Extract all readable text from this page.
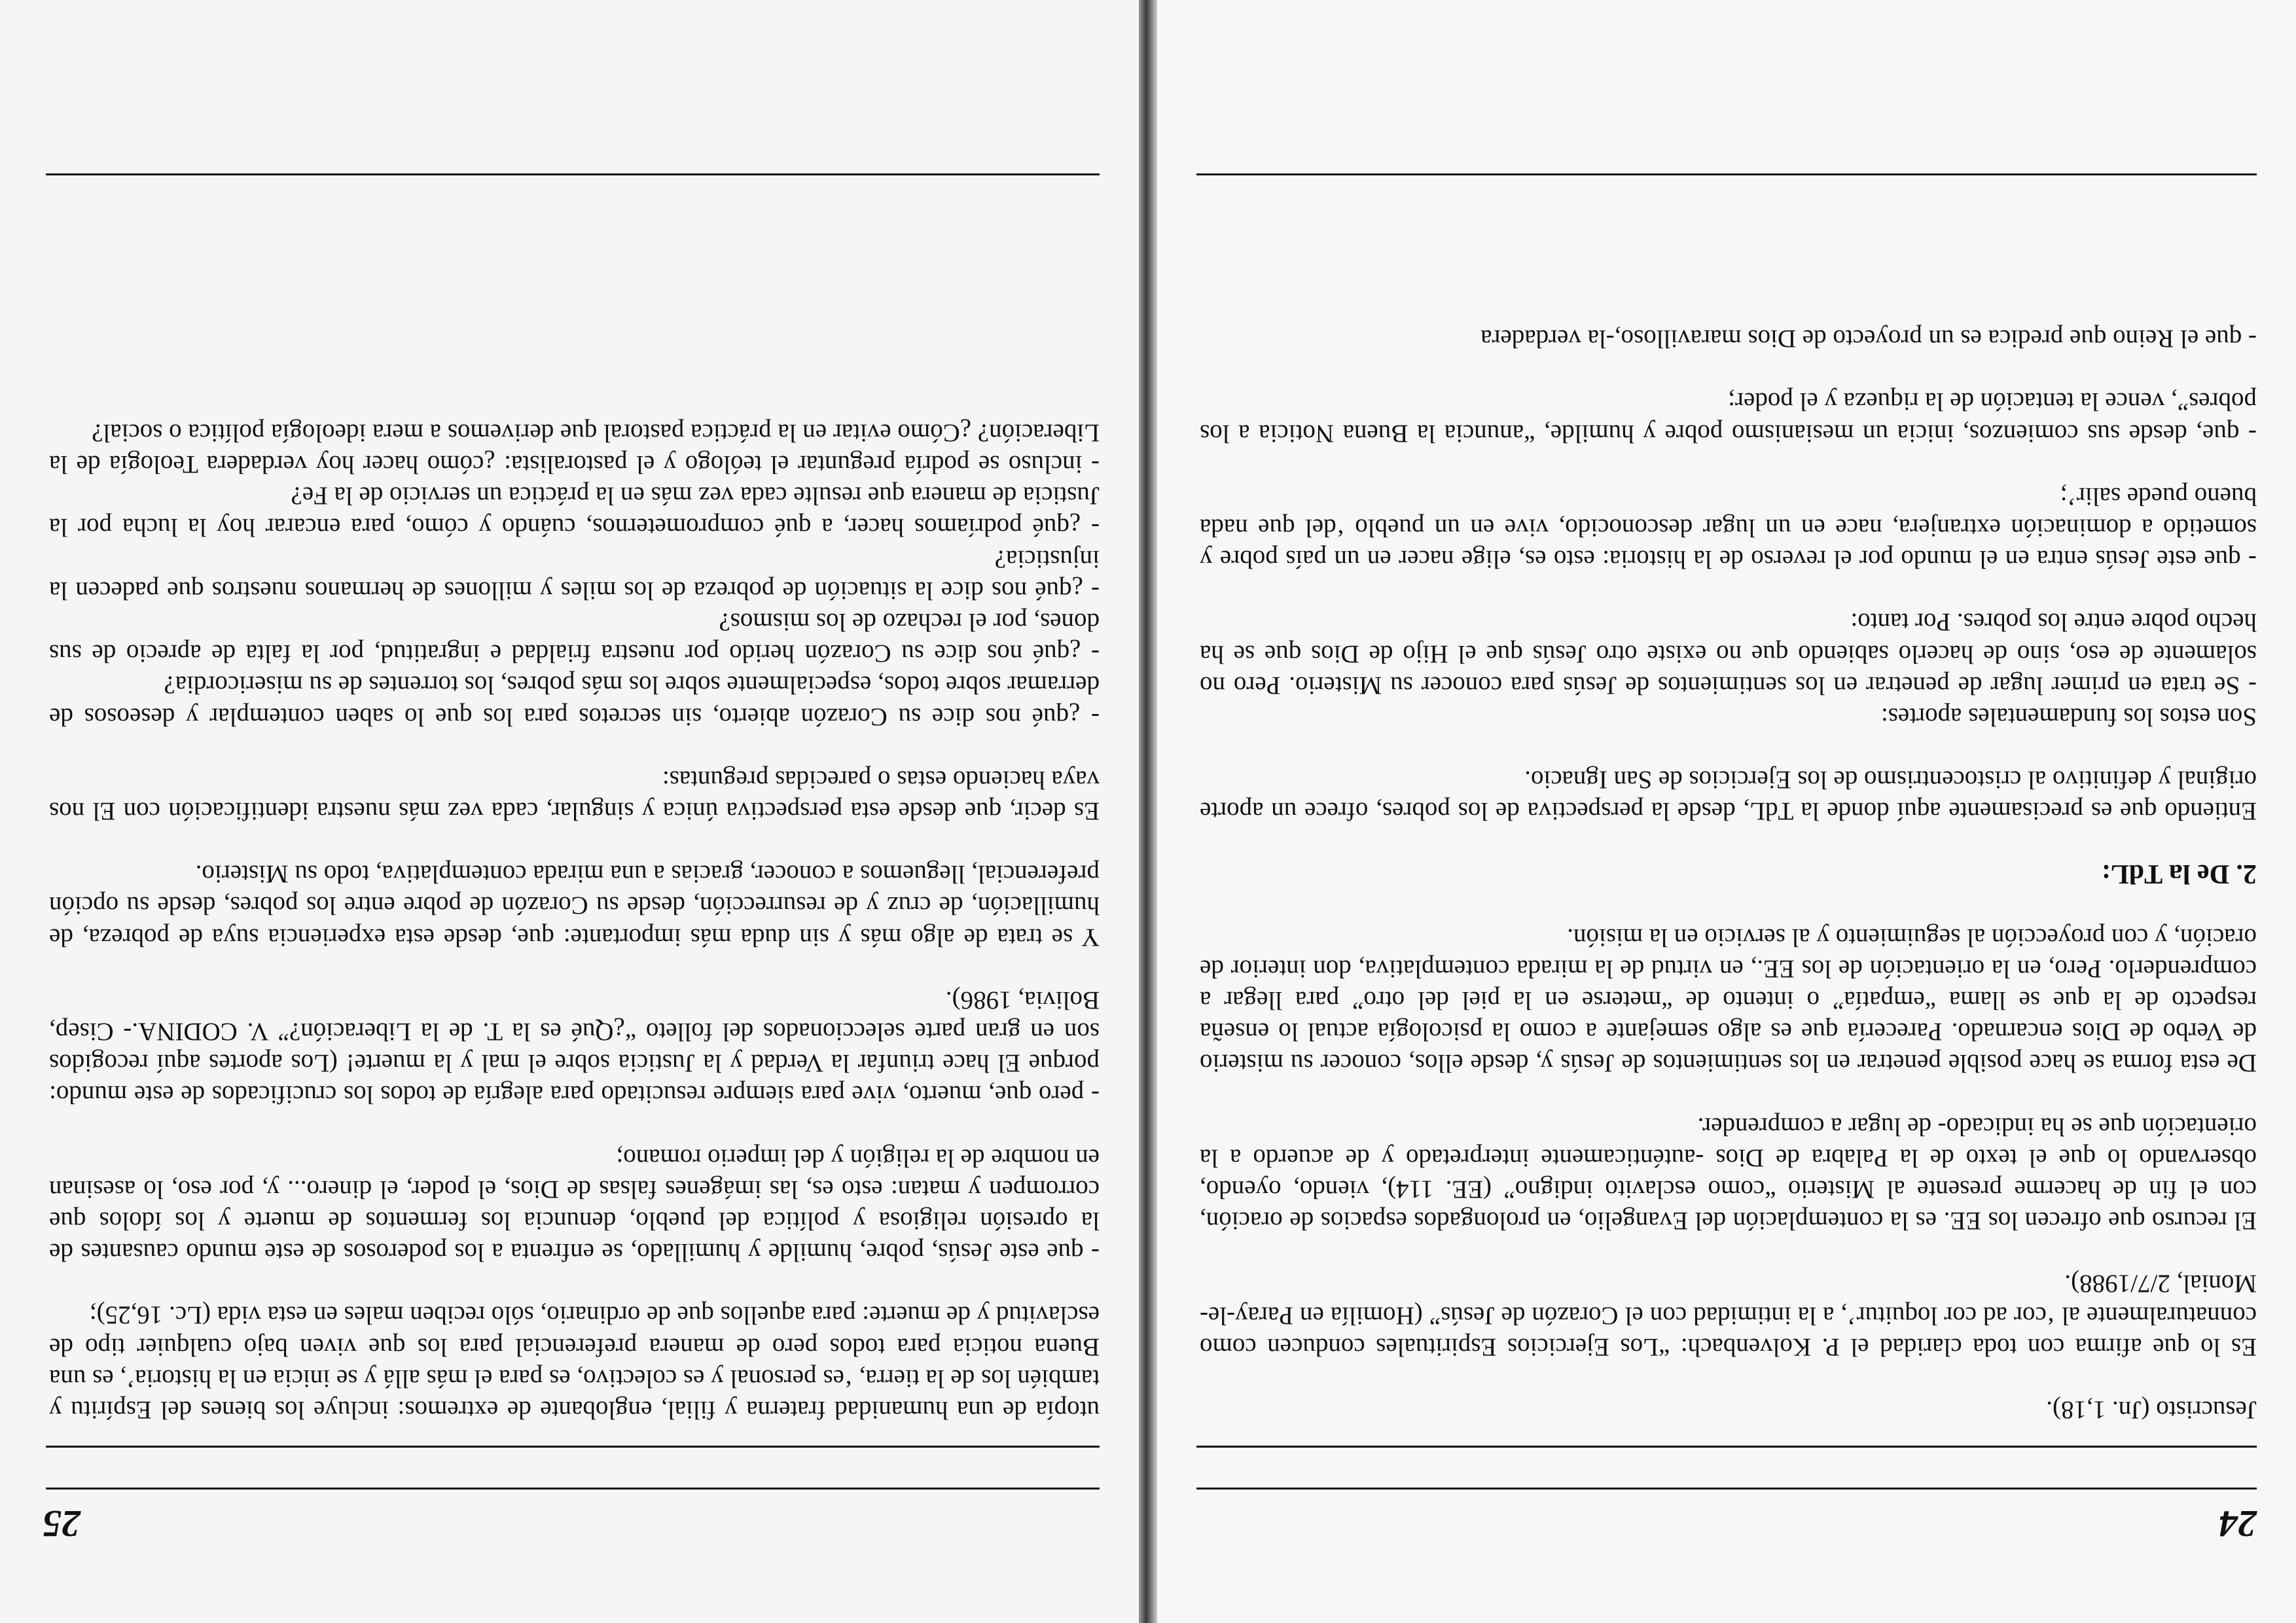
24

Jesucristo (Jn. 1,18).

Es lo que afirma con toda claridad el P. Kolvenbach: “Los Ejercicios Espirituales conducen como connaturalmente al ‘cor ad cor loquitur’, a la intimidad con el Corazón de Jesús” (Homilía en Paray-le-Monial, 2/7/1988).

El recurso que ofrecen los EE. es la contemplación del Evangelio, en prolongados espacios de oración, con el fin de hacerme presente al Misterio “como esclavito indigno” (EE. 114), viendo, oyendo, observando lo que el texto de la Palabra de Dios -auténticamente interpretado y de acuerdo a la orientación que se ha indicado- de lugar a comprender.

De esta forma se hace posible penetrar en los sentimientos de Jesús y, desde ellos, conocer su misterio de Verbo de Dios encarnado. Parecería que es algo semejante a como la psicología actual lo enseña respecto de la que se llama “empatía” o intento de “meterse en la piel del otro” para llegar a comprenderlo. Pero, en la orientación de los EE., en virtud de la mirada contemplativa, don interior de oración, y con proyección al seguimiento y al servicio en la misión.

2. De la TdL:

Entiendo que es precisamente aquí donde la TdL, desde la perspectiva de los pobres, ofrece un aporte original y definitivo al cristocentrismo de los Ejercicios de San Ignacio.

Son estos los fundamentales aportes:

- Se trata en primer lugar de penetrar en los sentimientos de Jesús para conocer su Misterio. Pero no solamente de eso, sino de hacerlo sabiendo que no existe otro Jesús que el Hijo de Dios que se ha hecho pobre entre los pobres. Por tanto:

- que este Jesús entra en el mundo por el reverso de la historia: esto es, elige nacer en un país pobre y sometido a dominación extranjera, nace en un lugar desconocido, vive en un pueblo ‘del que nada bueno puede salir’;

- que, desde sus comienzos, inicia un mesianismo pobre y humilde, “anuncia la Buena Noticia a los pobres”, vence la tentación de la riqueza y el poder;

- que el Reino que predica es un proyecto de Dios maravilloso,-la verdadera

25

utopía de una humanidad fraterna y filial, englobante de extremos: incluye los bienes del Espíritu y también los de la tierra, ‘es personal y es colectivo, es para el más allá y se inicia en la historia’, es una Buena noticia para todos pero de manera preferencial para los que viven bajo cualquier tipo de esclavitud y de muerte: para aquellos que de ordinario, sólo reciben males en esta vida (Lc. 16,25);

- que este Jesús, pobre, humilde y humillado, se enfrenta a los poderosos de este mundo causantes de la opresión religiosa y política del pueblo, denuncia los fermentos de muerte y los ídolos que corrompen y matan: esto es, las imágenes falsas de Dios, el poder, el dinero... y, por eso, lo asesinan en nombre de la religión y del imperio romano;

- pero que, muerto, vive para siempre resucitado para alegría de todos los crucificados de este mundo: porque El hace triunfar la Verdad y la Justicia sobre el mal y la muerte! (Los aportes aquí recogidos son en gran parte seleccionados del folleto “¿Qué es la T. de la Liberación?” V. CODINA.- Cisep, Bolivia, 1986).

Y se trata de algo más y sin duda más importante: que, desde esta experiencia suya de pobreza, de humillación, de cruz y de resurrección, desde su Corazón de pobre entre los pobres, desde su opción preferencial, lleguemos a conocer, gracias a una mirada contemplativa, todo su Misterio.

Es decir, que desde esta perspectiva única y singular, cada vez más nuestra identificación con El nos vaya haciendo estas o parecidas preguntas:

- ¿qué nos dice su Corazón abierto, sin secretos para los que lo saben contemplar y deseosos de derramar sobre todos, especialmente sobre los más pobres, los torrentes de su misericordia?

- ¿qué nos dice su Corazón herido por nuestra frialdad e ingratitud, por la falta de aprecio de sus dones, por el rechazo de los mismos?

- ¿qué nos dice la situación de pobreza de los miles y millones de hermanos nuestros que padecen la injusticia?

- ¿qué podríamos hacer, a qué comprometernos, cuándo y cómo, para encarar hoy la lucha por la Justicia de manera que resulte cada vez más en la práctica un servicio de la Fe?

- incluso se podría preguntar el teólogo y el pastoralista: ¿cómo hacer hoy verdadera Teología de la Liberación? ¿Cómo evitar en la práctica pastoral que derivemos a mera ideología política o social?
